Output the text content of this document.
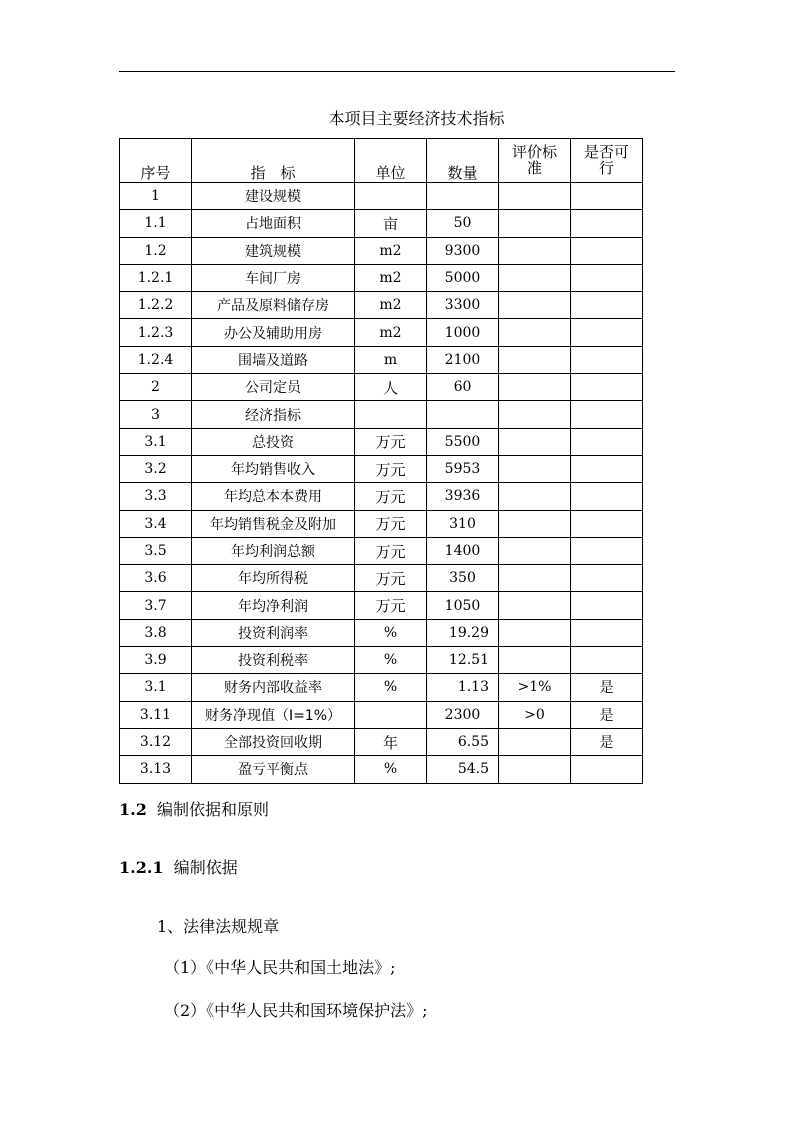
本项目主要经济技术指标
序号	指　标	单位	数量	评价标准	是否可行

1	建设规模				
1.1	占地面积	亩	50		
1.2	建筑规模	m2	9300		
1.2.1	车间厂房	m2	5000		
1.2.2	产品及原料储存房	m2	3300		
1.2.3	办公及辅助用房	m2	1000		
1.2.4	围墙及道路	m	2100		
2	公司定员	人	60		
3	经济指标				
3.1	总投资	万元	5500		
3.2	年均销售收入	万元	5953		
3.3	年均总本本费用	万元	3936		
3.4	年均销售税金及附加	万元	310		
3.5	年均利润总额	万元	1400		
3.6	年均所得税	万元	350		
3.7	年均净利润	万元	1050		
3.8	投资利润率	%	19.29		
3.9	投资利税率	%	12.51		
3.1	财务内部收益率	%	1.13	>1%	是
3.11	财务净现值（I=1%）		2300	>0	是
3.12	全部投资回收期	年	6.55		是
3.13	盈亏平衡点	%	54.5		
1.2 编制依据和原则
1.2.1 编制依据
1、法律法规规章
（1）《中华人民共和国土地法》;
（2）《中华人民共和国环境保护法》;
